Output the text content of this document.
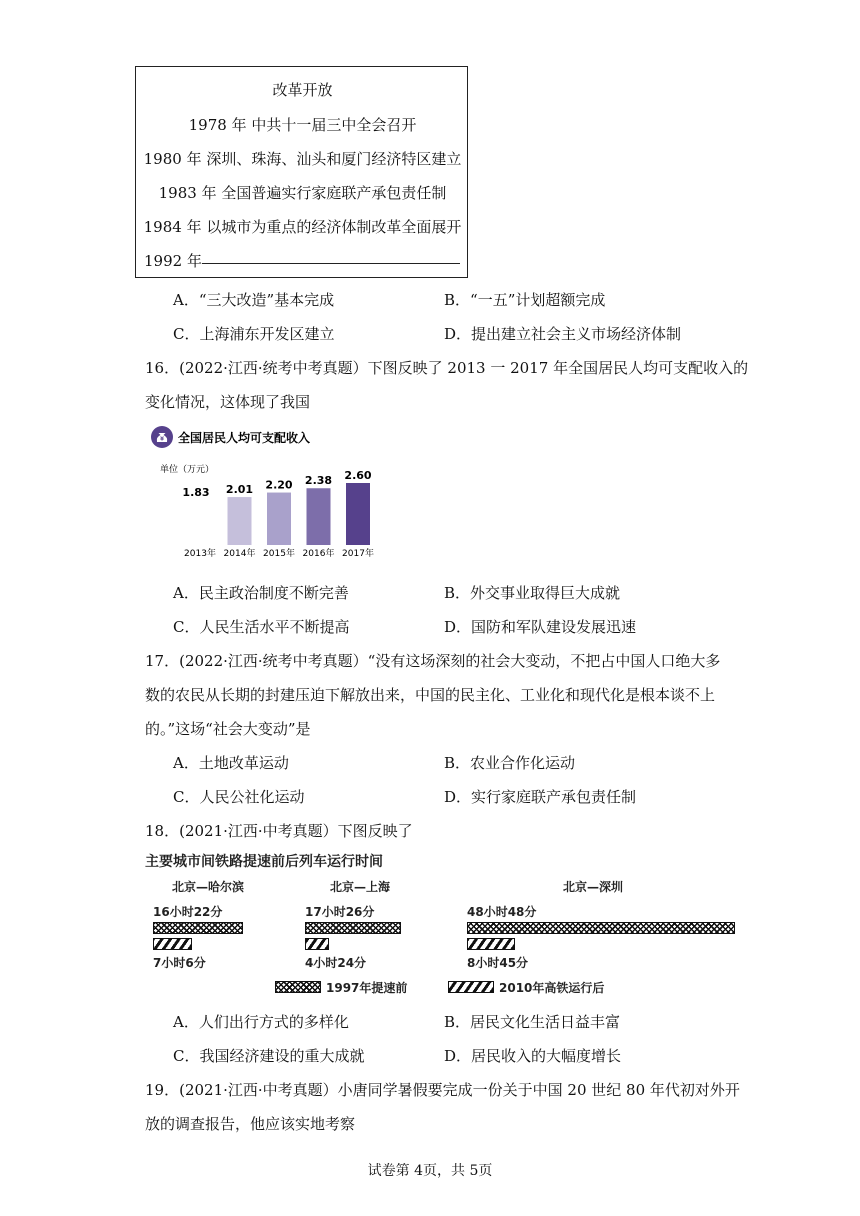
改革开放
1978 年 中共十一届三中全会召开
1980 年 深圳、珠海、汕头和厦门经济特区建立
1983 年 全国普遍实行家庭联产承包责任制
1984 年 以城市为重点的经济体制改革全面展开
1992 年
A．“三大改造”基本完成	B．“一五”计划超额完成
C．上海浦东开发区建立	D．提出建立社会主义市场经济体制
16．(2022·江西·统考中考真题）下图反映了 2013 一 2017 年全国居民人均可支配收入的
变化情况，这体现了我国
¥ 全国居民人均可支配收入
单位（万元）
1.83
2013年
2.01
2014年
2.20
2015年
2.38
2016年
2.60
2017年
A．民主政治制度不断完善	B．外交事业取得巨大成就
C．人民生活水平不断提高	D．国防和军队建设发展迅速
17．(2022·江西·统考中考真题）“没有这场深刻的社会大变动，不把占中国人口绝大多
数的农民从长期的封建压迫下解放出来，中国的民主化、工业化和现代化是根本谈不上
的。”这场“社会大变动”是
A．土地改革运动	B．农业合作化运动
C．人民公社化运动	D．实行家庭联产承包责任制
18．(2021·江西·中考真题）下图反映了
主要城市间铁路提速前后列车运行时间
北京—哈尔滨
16小时22分
7小时6分
北京—上海
17小时26分
4小时24分
北京—深圳
48小时48分
8小时45分
1997年提速前	2010年高铁运行后
A．人们出行方式的多样化	B．居民文化生活日益丰富
C．我国经济建设的重大成就	D．居民收入的大幅度增长
19．(2021·江西·中考真题）小唐同学暑假要完成一份关于中国 20 世纪 80 年代初对外开
放的调查报告，他应该实地考察
试卷第 4页，共 5页
